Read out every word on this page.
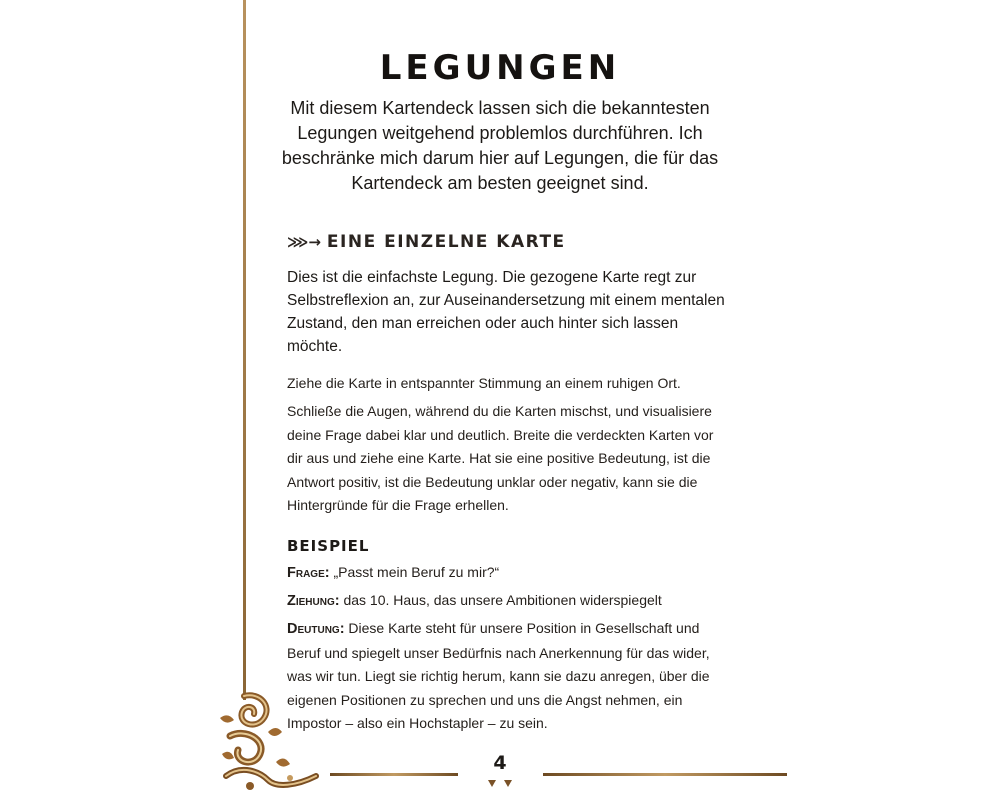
LEGUNGEN

Mit diesem Kartendeck lassen sich die bekanntesten Legungen weitgehend problemlos durchführen. Ich beschränke mich darum hier auf Legungen, die für das Kartendeck am besten geeignet sind.

⋙→ EINE EINZELNE KARTE

Dies ist die einfachste Legung. Die gezogene Karte regt zur Selbstreflexion an, zur Auseinandersetzung mit einem mentalen Zustand, den man erreichen oder auch hinter sich lassen möchte.

Ziehe die Karte in entspannter Stimmung an einem ruhigen Ort.

Schließe die Augen, während du die Karten mischst, und visualisiere deine Frage dabei klar und deutlich. Breite die verdeckten Karten vor dir aus und ziehe eine Karte. Hat sie eine positive Bedeutung, ist die Antwort positiv, ist die Bedeutung unklar oder negativ, kann sie die Hintergründe für die Frage erhellen.

BEISPIEL

Frage: „Passt mein Beruf zu mir?“

Ziehung: das 10. Haus, das unsere Ambitionen widerspiegelt

Deutung: Diese Karte steht für unsere Position in Gesellschaft und Beruf und spiegelt unser Bedürfnis nach Anerkennung für das wider, was wir tun. Liegt sie richtig herum, kann sie dazu anregen, über die eigenen Positionen zu sprechen und uns die Angst nehmen, ein Impostor – also ein Hochstapler – zu sein.

4
